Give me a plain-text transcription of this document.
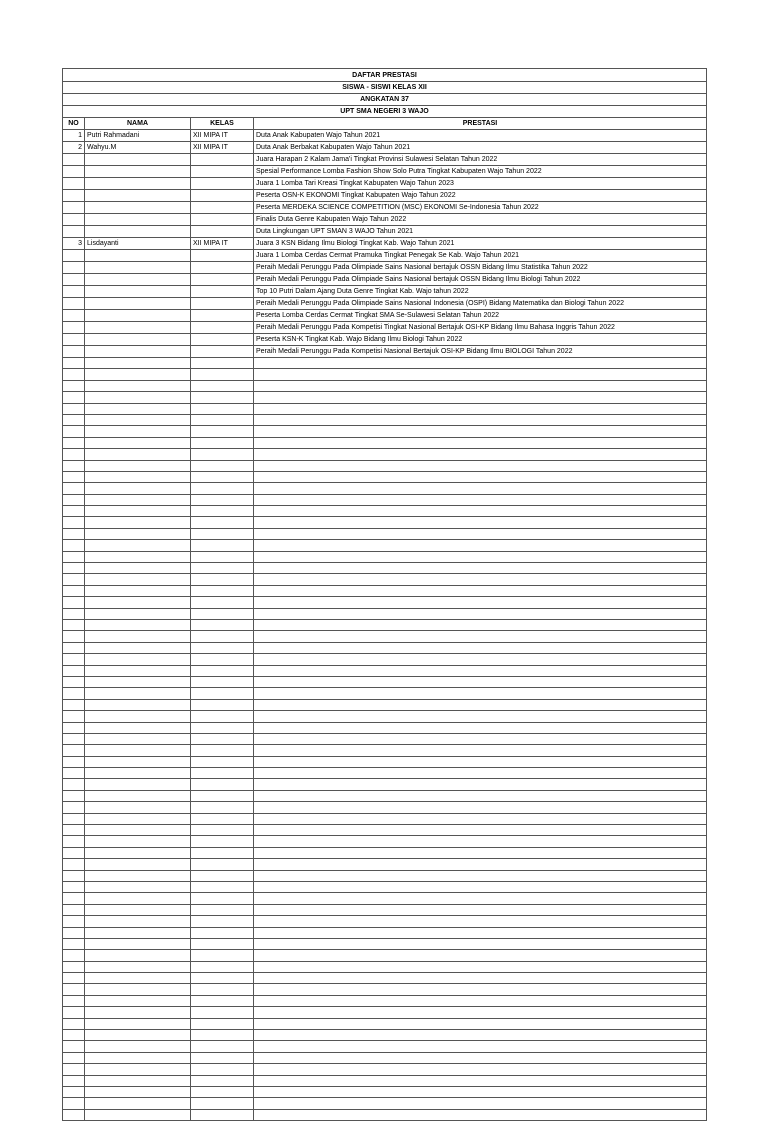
DAFTAR PRESTASI			
SISWA - SISWI KELAS XII			
ANGKATAN 37			
UPT SMA NEGERI 3 WAJO			
NO	NAMA	KELAS	PRESTASI
1	Putri Rahmadani	XII MIPA IT	Duta Anak Kabupaten Wajo Tahun 2021
2	Wahyu.M	XII MIPA IT	Duta Anak Berbakat Kabupaten Wajo Tahun 2021
			Juara Harapan 2 Kalam Jama'i Tingkat Provinsi Sulawesi Selatan Tahun 2022
			Spesial Performance Lomba Fashion Show Solo Putra Tingkat Kabupaten Wajo Tahun 2022
			Juara 1 Lomba Tari Kreasi Tingkat Kabupaten Wajo Tahun 2023
			Peserta OSN-K EKONOMI Tingkat Kabupaten Wajo Tahun 2022
			Peserta MERDEKA SCIENCE COMPETITION (MSC) EKONOMI Se-Indonesia Tahun 2022
			Finalis Duta Genre Kabupaten Wajo Tahun 2022
			Duta Lingkungan UPT SMAN 3 WAJO Tahun 2021
3	Lisdayanti	XII MIPA IT	Juara 3 KSN Bidang Ilmu Biologi Tingkat Kab. Wajo Tahun 2021
			Juara 1 Lomba Cerdas Cermat Pramuka Tingkat Penegak Se Kab. Wajo Tahun 2021
			Peraih Medali Perunggu Pada Olimpiade Sains Nasional bertajuk OSSN Bidang Ilmu Statistika Tahun 2022
			Peraih Medali Perunggu Pada Olimpiade Sains Nasional bertajuk OSSN Bidang Ilmu Biologi Tahun 2022
			Top 10 Putri Dalam Ajang Duta Genre Tingkat Kab. Wajo tahun 2022
			Peraih Medali Perunggu Pada Olimpiade Sains Nasional Indonesia (OSPI) Bidang Matematika dan Biologi Tahun 2022
			Peserta Lomba Cerdas Cermat Tingkat SMA Se-Sulawesi Selatan Tahun 2022
			Peraih Medali Perunggu Pada Kompetisi Tingkat Nasional Bertajuk OSI-KP Bidang Ilmu Bahasa Inggris Tahun 2022
			Peserta KSN-K Tingkat Kab. Wajo Bidang Ilmu Biologi Tahun 2022
			Peraih Medali Perunggu Pada Kompetisi Nasional Bertajuk OSI-KP Bidang Ilmu BIOLOGI Tahun 2022
